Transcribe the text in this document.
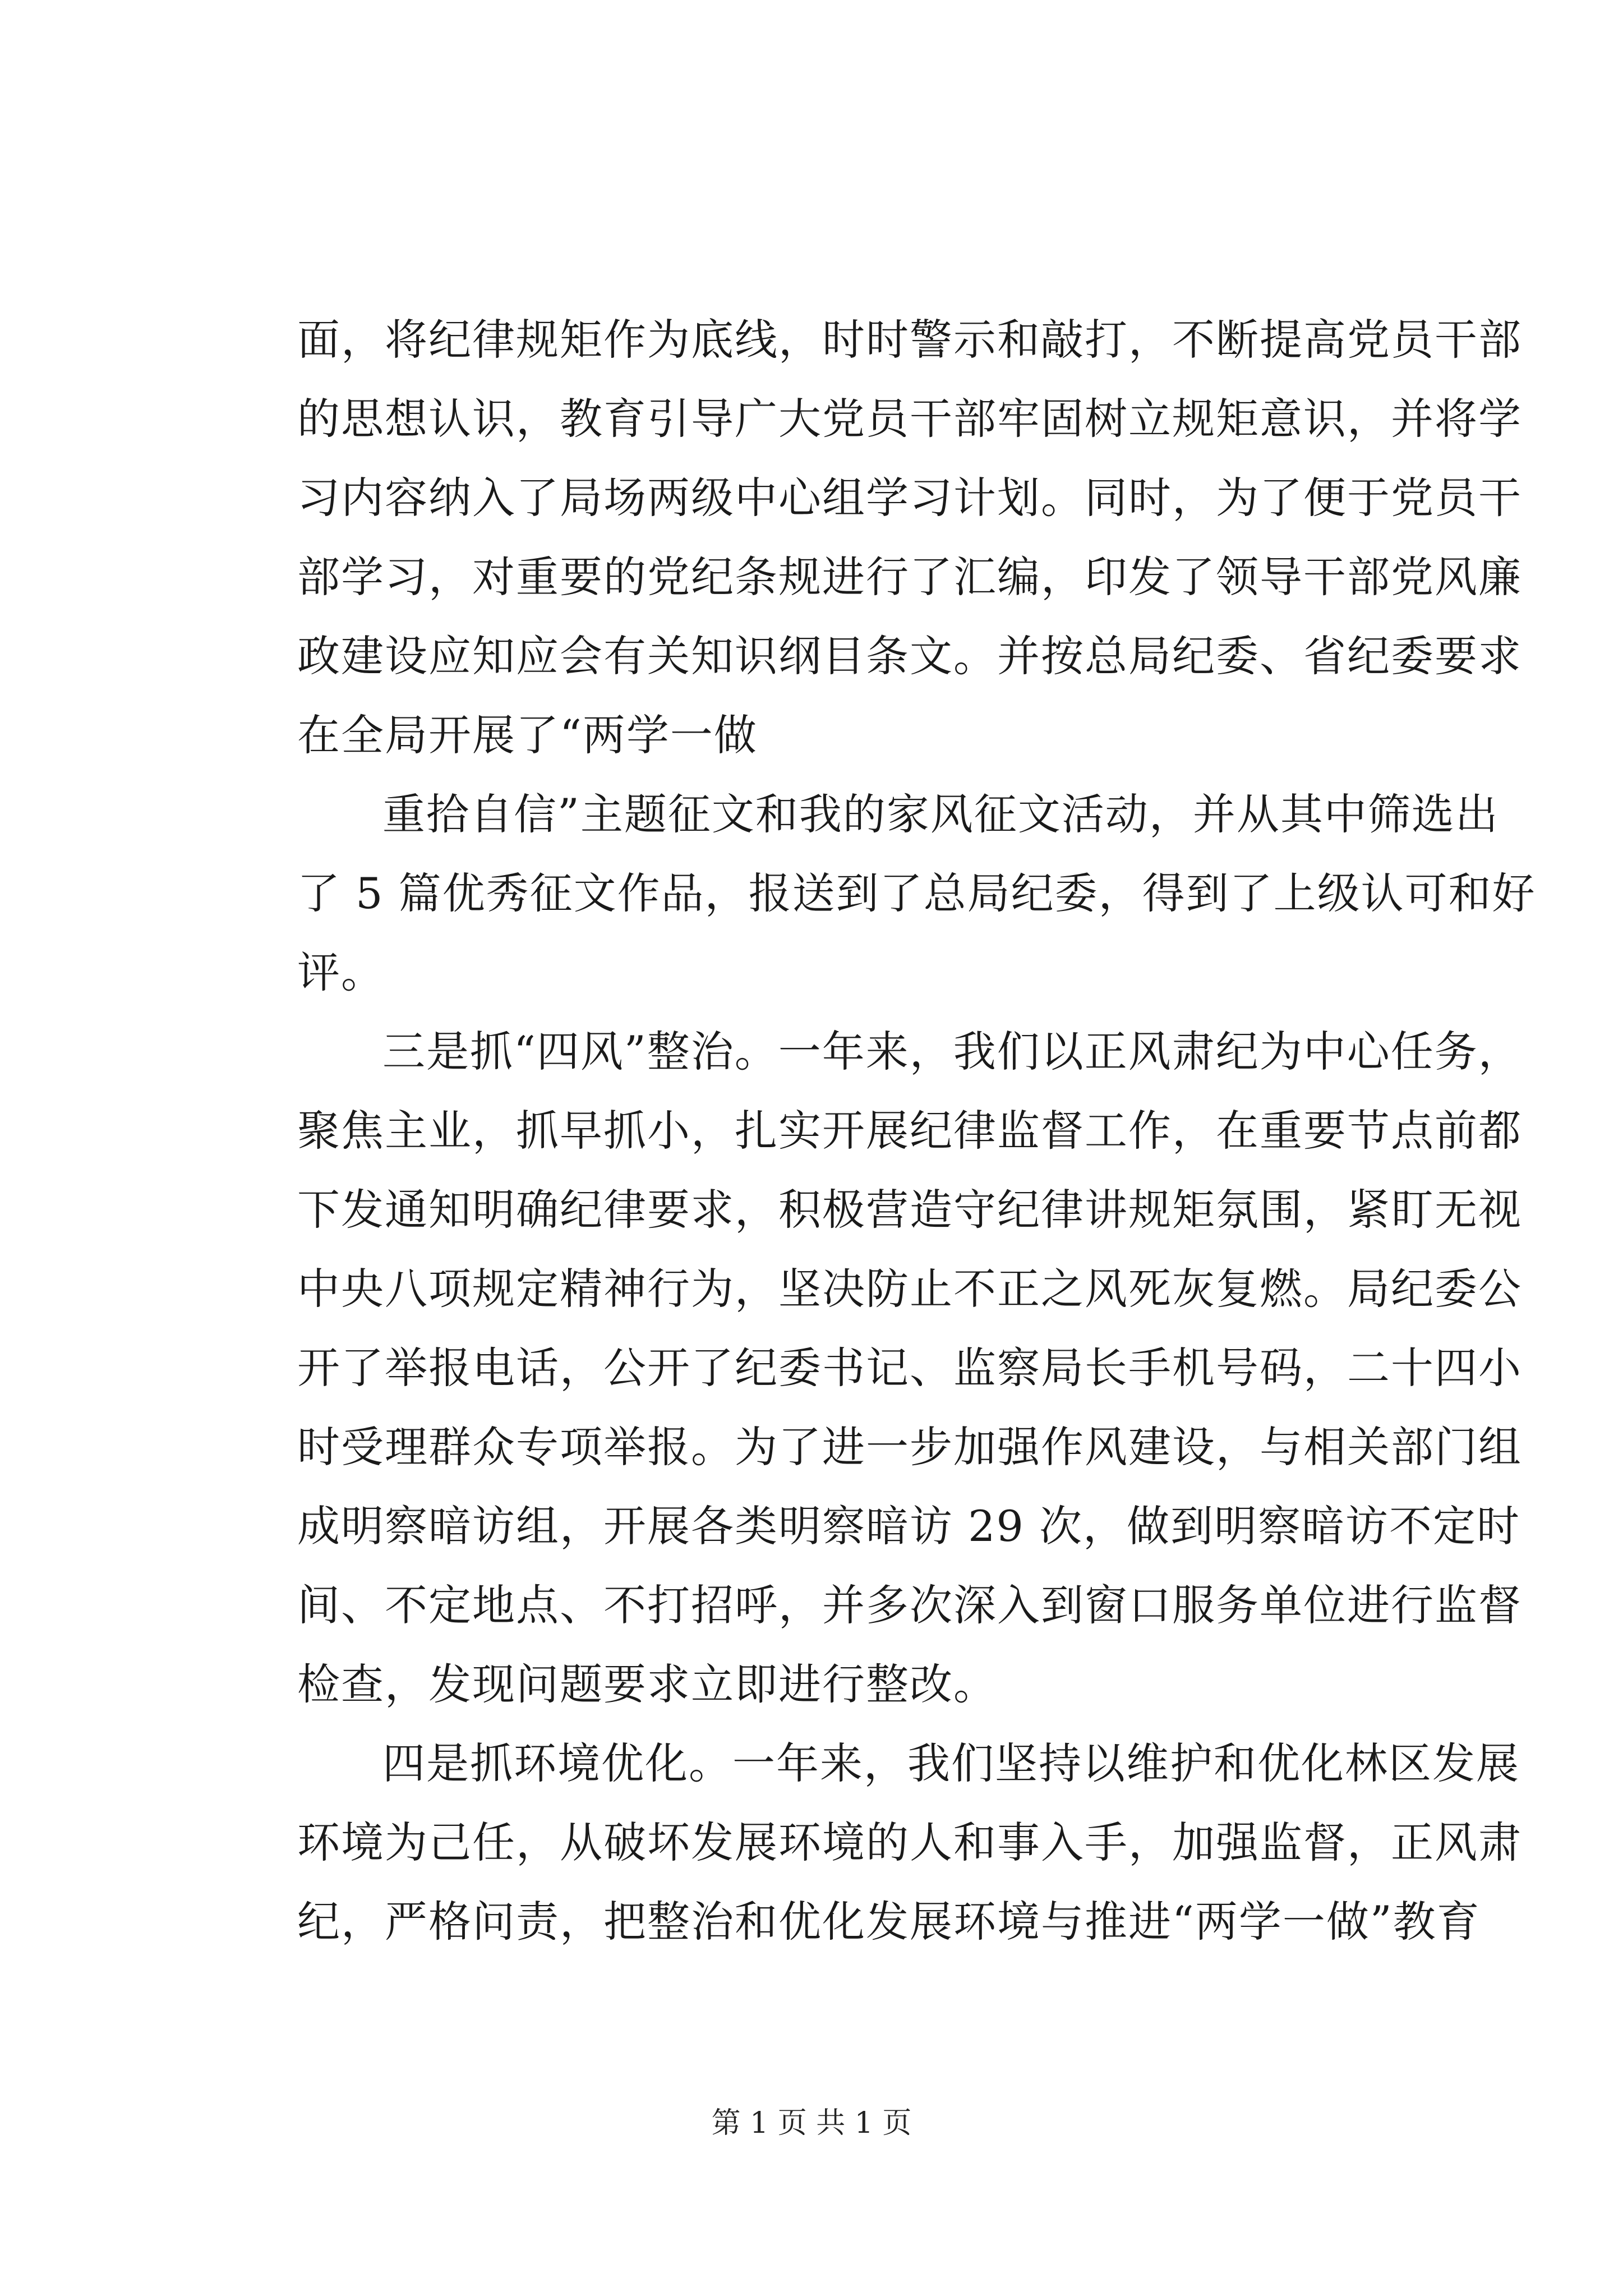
面，将纪律规矩作为底线，时时警示和敲打，不断提高党员干部
的思想认识，教育引导广大党员干部牢固树立规矩意识，并将学
习内容纳入了局场两级中心组学习计划。同时，为了便于党员干
部学习，对重要的党纪条规进行了汇编，印发了领导干部党风廉
政建设应知应会有关知识纲目条文。并按总局纪委、省纪委要求
在全局开展了“两学一做
重拾自信”主题征文和我的家风征文活动，并从其中筛选出
了 5 篇优秀征文作品，报送到了总局纪委，得到了上级认可和好
评。
三是抓“四风”整治。一年来，我们以正风肃纪为中心任务，
聚焦主业，抓早抓小，扎实开展纪律监督工作，在重要节点前都
下发通知明确纪律要求，积极营造守纪律讲规矩氛围，紧盯无视
中央八项规定精神行为，坚决防止不正之风死灰复燃。局纪委公
开了举报电话，公开了纪委书记、监察局长手机号码，二十四小
时受理群众专项举报。为了进一步加强作风建设，与相关部门组
成明察暗访组，开展各类明察暗访 29 次，做到明察暗访不定时
间、不定地点、不打招呼，并多次深入到窗口服务单位进行监督
检查，发现问题要求立即进行整改。
四是抓环境优化。一年来，我们坚持以维护和优化林区发展
环境为己任，从破坏发展环境的人和事入手，加强监督，正风肃
纪，严格问责，把整治和优化发展环境与推进“两学一做”教育
第 1 页 共 1 页
